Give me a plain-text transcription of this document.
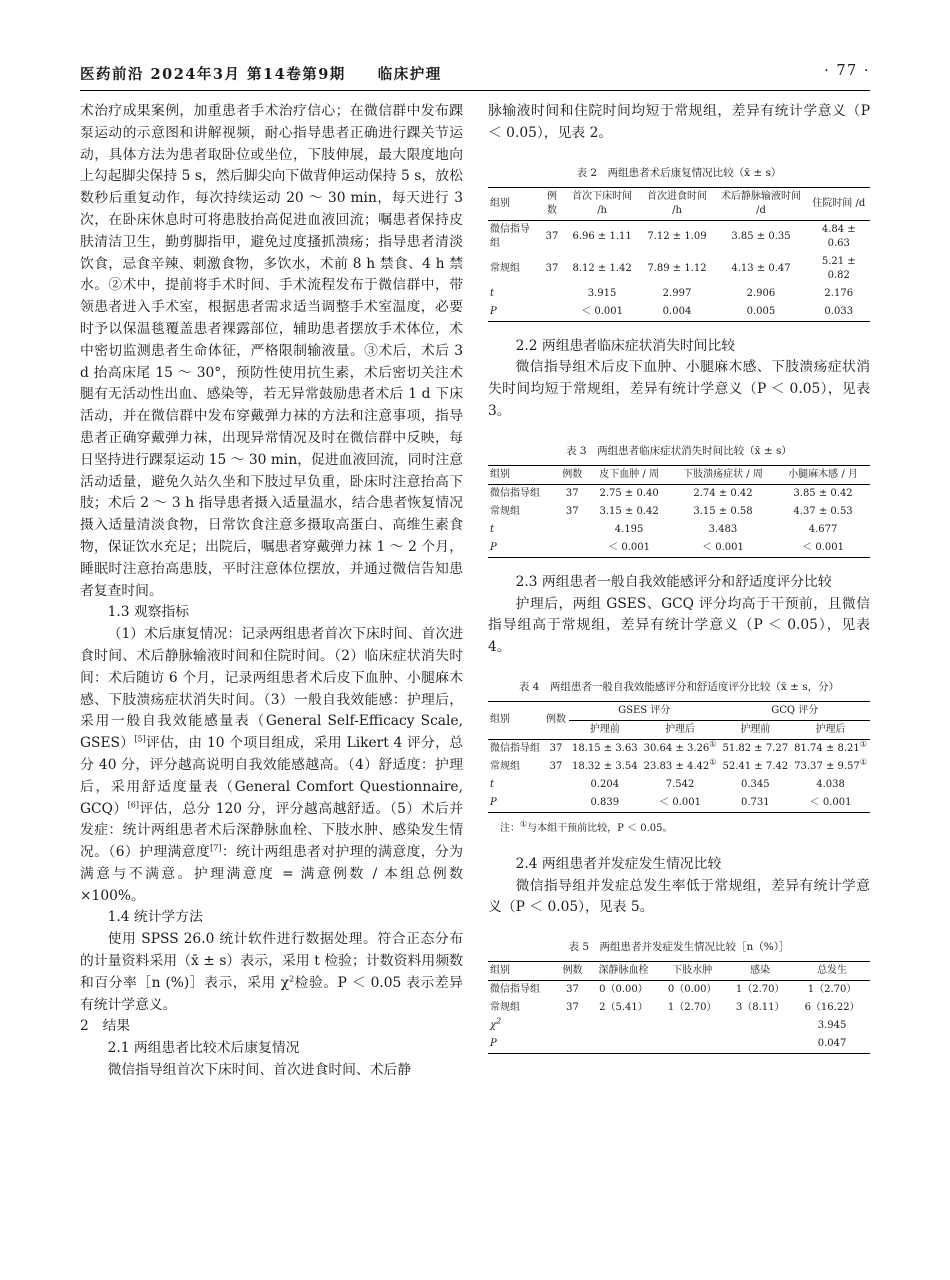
医药前沿 2024年3月 第14卷第9期　　临床护理	· 77 ·

术治疗成果案例，加重患者手术治疗信心；在微信群中发布踝泵运动的示意图和讲解视频，耐心指导患者正确进行踝关节运动，具体方法为患者取卧位或坐位，下肢伸展，最大限度地向上勾起脚尖保持 5 s，然后脚尖向下做背伸运动保持 5 s，放松数秒后重复动作，每次持续运动 20 ～ 30 min，每天进行 3 次，在卧床休息时可将患肢抬高促进血液回流；嘱患者保持皮肤清洁卫生，勤剪脚指甲，避免过度搔抓溃疡；指导患者清淡饮食，忌食辛辣、刺激食物，多饮水，术前 8 h 禁食、4 h 禁水。②术中，提前将手术时间、手术流程发布于微信群中，带领患者进入手术室，根据患者需求适当调整手术室温度，必要时予以保温毯覆盖患者裸露部位，辅助患者摆放手术体位，术中密切监测患者生命体征，严格限制输液量。③术后，术后 3 d 抬高床尾 15 ～ 30°，预防性使用抗生素，术后密切关注术腿有无活动性出血、感染等，若无异常鼓励患者术后 1 d 下床活动，并在微信群中发布穿戴弹力袜的方法和注意事项，指导患者正确穿戴弹力袜，出现异常情况及时在微信群中反映，每日坚持进行踝泵运动 15 ～ 30 min，促进血液回流，同时注意活动适量，避免久站久坐和下肢过早负重，卧床时注意抬高下肢；术后 2 ～ 3 h 指导患者摄入适量温水，结合患者恢复情况摄入适量清淡食物，日常饮食注意多摄取高蛋白、高维生素食物，保证饮水充足；出院后，嘱患者穿戴弹力袜 1 ～ 2 个月，睡眠时注意抬高患肢，平时注意体位摆放，并通过微信告知患者复查时间。

1.3 观察指标

（1）术后康复情况：记录两组患者首次下床时间、首次进食时间、术后静脉输液时间和住院时间。（2）临床症状消失时间：术后随访 6 个月，记录两组患者术后皮下血肿、小腿麻木感、下肢溃疡症状消失时间。（3）一般自我效能感：护理后，采用一般自我效能感量表（General Self-Efficacy Scale, GSES）[5]评估，由 10 个项目组成，采用 Likert 4 评分，总分 40 分，评分越高说明自我效能感越高。（4）舒适度：护理后，采用舒适度量表（General Comfort Questionnaire, GCQ）[6]评估，总分 120 分，评分越高越舒适。（5）术后并发症：统计两组患者术后深静脉血栓、下肢水肿、感染发生情况。（6）护理满意度[7]：统计两组患者对护理的满意度，分为满意与不满意。护理满意度 = 满意例数 / 本组总例数 ×100%。

1.4 统计学方法

使用 SPSS 26.0 统计软件进行数据处理。符合正态分布的计量资料采用（x̄ ± s）表示，采用 t 检验；计数资料用频数和百分率［n (%)］表示，采用 $\chi^2$检验。P ＜ 0.05 表示差异有统计学意义。

2　结果
2.1 两组患者比较术后康复情况

微信指导组首次下床时间、首次进食时间、术后静

脉输液时间和住院时间均短于常规组，差异有统计学意义（P ＜ 0.05），见表 2。

表 2　两组患者术后康复情况比较（x̄ ± s）
组别	例数	首次下床时间 /h	首次进食时间 /h	术后静脉输液时间 /d	住院时间 /d
微信指导组	37	6.96 ± 1.11	7.12 ± 1.09	3.85 ± 0.35	4.84 ± 0.63
常规组	37	8.12 ± 1.42	7.89 ± 1.12	4.13 ± 0.47	5.21 ± 0.82
t		3.915	2.997	2.906	2.176
P		＜ 0.001	0.004	0.005	0.033
2.2 两组患者临床症状消失时间比较

微信指导组术后皮下血肿、小腿麻木感、下肢溃疡症状消失时间均短于常规组，差异有统计学意义（P ＜ 0.05），见表 3。

表 3　两组患者临床症状消失时间比较（x̄ ± s）
组别	例数	皮下血肿 / 周	下肢溃疡症状 / 周	小腿麻木感 / 月
微信指导组	37	2.75 ± 0.40	2.74 ± 0.42	3.85 ± 0.42
常规组	37	3.15 ± 0.42	3.15 ± 0.58	4.37 ± 0.53
t		4.195	3.483	4.677
P		＜ 0.001	＜ 0.001	＜ 0.001
2.3 两组患者一般自我效能感评分和舒适度评分比较

护理后，两组 GSES、GCQ 评分均高于干预前，且微信指导组高于常规组，差异有统计学意义（P ＜ 0.05），见表 4。

表 4　两组患者一般自我效能感评分和舒适度评分比较（x̄ ± s，分）
组别	例数	GSES 评分		GCQ 评分	
		护理前	护理后	护理前	护理后
微信指导组	37	18.15 ± 3.63	30.64 ± 3.26①	51.82 ± 7.27	81.74 ± 8.21①
常规组	37	18.32 ± 3.54	23.83 ± 4.42①	52.41 ± 7.42	73.37 ± 9.57①
t		0.204	7.542	0.345	4.038
P		0.839	＜ 0.001	0.731	＜ 0.001
注：①与本组干预前比较，P ＜ 0.05。
2.4 两组患者并发症发生情况比较

微信指导组并发症总发生率低于常规组，差异有统计学意义（P ＜ 0.05），见表 5。

表 5　两组患者并发症发生情况比较［n（%）］
组别	例数	深静脉血栓	下肢水肿	感染	总发生
微信指导组	37	0（0.00）	0（0.00）	1（2.70）	1（2.70）
常规组	37	2（5.41）	1（2.70）	3（8.11）	6（16.22）
$\chi^2$					3.945
P					0.047
